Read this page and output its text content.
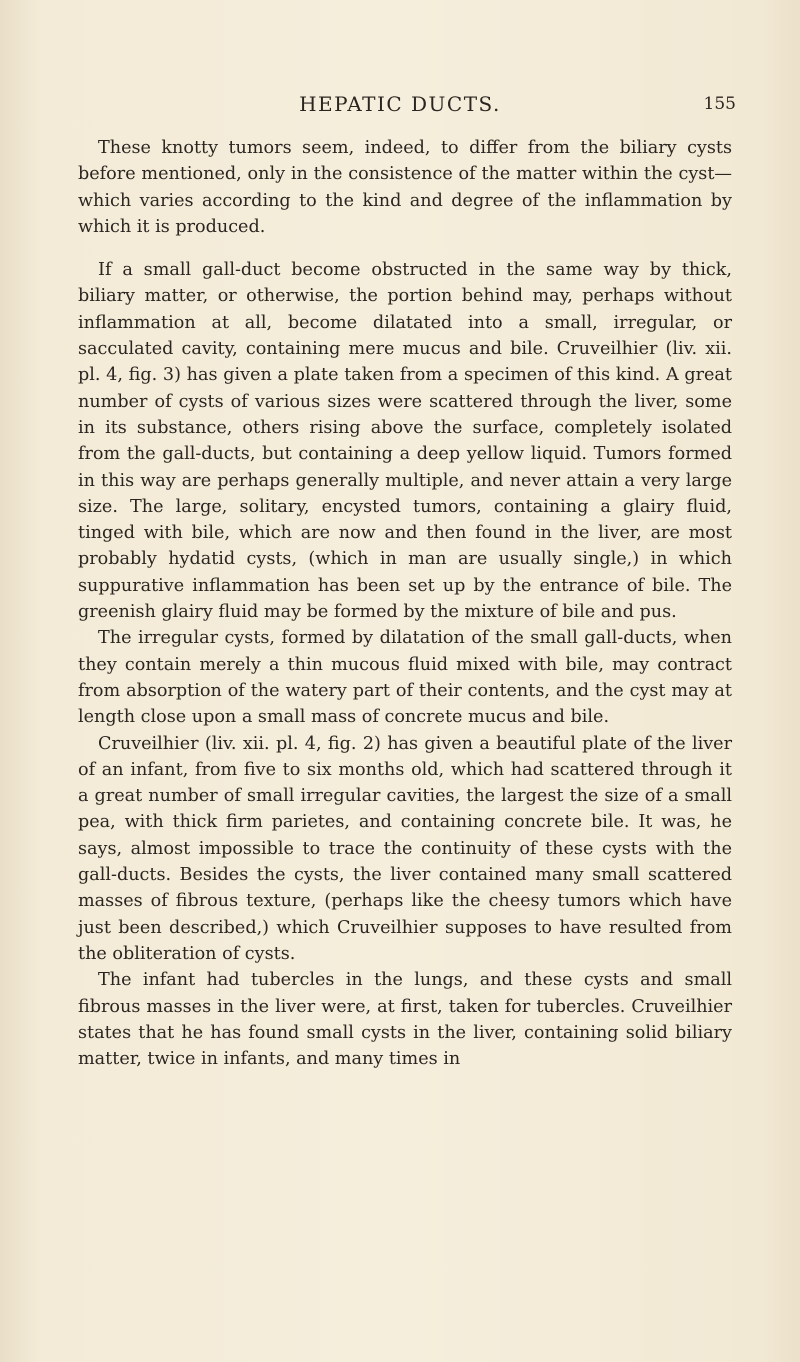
HEPATIC DUCTS.	155

These knotty tumors seem, indeed, to differ from the biliary cysts before mentioned, only in the consistence of the matter within the cyst—which varies according to the kind and degree of the inflammation by which it is produced.

If a small gall-duct become obstructed in the same way by thick, biliary matter, or otherwise, the portion behind may, perhaps without inflammation at all, become dilatated into a small, irregular, or sacculated cavity, containing mere mucus and bile. Cruveilhier (liv. xii. pl. 4, fig. 3) has given a plate taken from a specimen of this kind. A great number of cysts of various sizes were scattered through the liver, some in its substance, others rising above the surface, completely isolated from the gall-ducts, but containing a deep yellow liquid. Tumors formed in this way are perhaps generally multiple, and never attain a very large size. The large, solitary, encysted tumors, containing a glairy fluid, tinged with bile, which are now and then found in the liver, are most probably hydatid cysts, (which in man are usually single,) in which suppurative inflammation has been set up by the entrance of bile. The greenish glairy fluid may be formed by the mixture of bile and pus.

The irregular cysts, formed by dilatation of the small gall-ducts, when they contain merely a thin mucous fluid mixed with bile, may contract from absorption of the watery part of their contents, and the cyst may at length close upon a small mass of concrete mucus and bile.

Cruveilhier (liv. xii. pl. 4, fig. 2) has given a beautiful plate of the liver of an infant, from five to six months old, which had scattered through it a great number of small irregular cavities, the largest the size of a small pea, with thick firm parietes, and containing concrete bile. It was, he says, almost impossible to trace the continuity of these cysts with the gall-ducts. Besides the cysts, the liver contained many small scattered masses of fibrous texture, (perhaps like the cheesy tumors which have just been described,) which Cruveilhier supposes to have resulted from the obliteration of cysts.

The infant had tubercles in the lungs, and these cysts and small fibrous masses in the liver were, at first, taken for tubercles. Cruveilhier states that he has found small cysts in the liver, containing solid biliary matter, twice in infants, and many times in
